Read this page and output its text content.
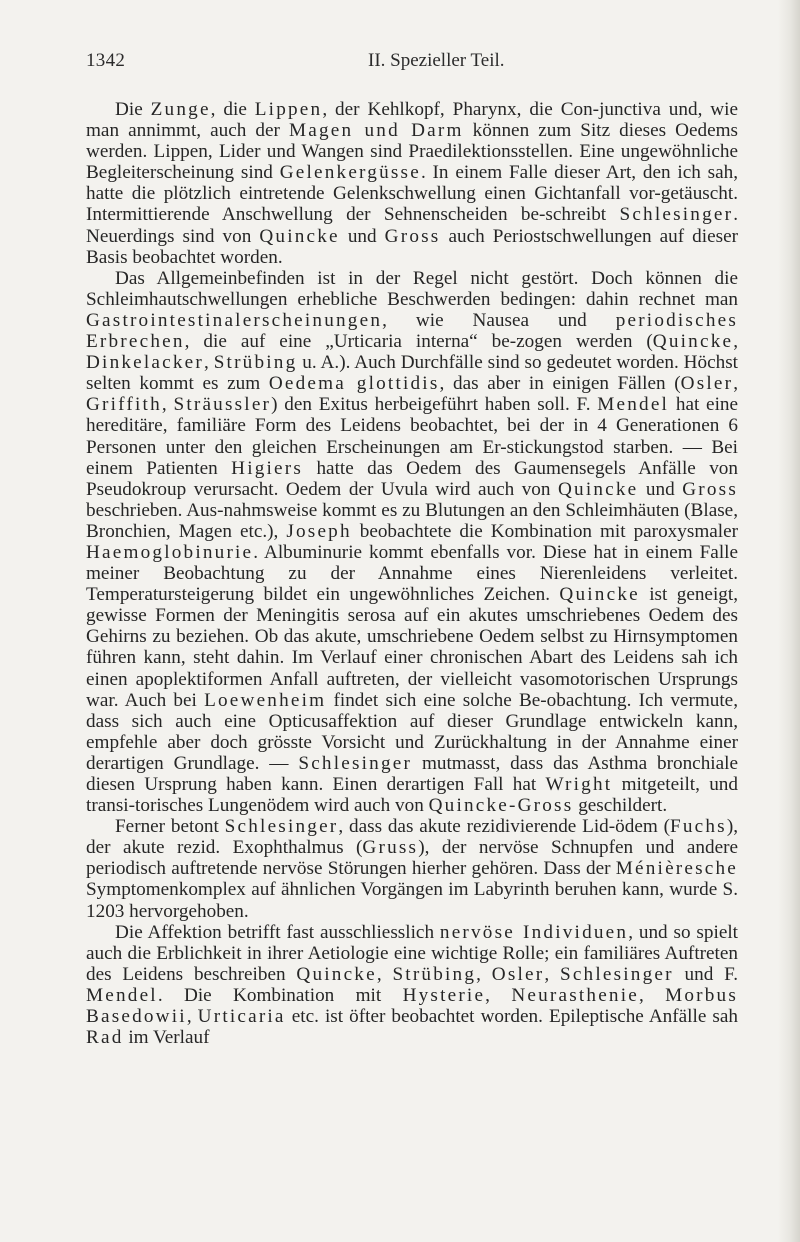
1342	II. Spezieller Teil.

Die Zunge, die Lippen, der Kehlkopf, Pharynx, die Con-junctiva und, wie man annimmt, auch der Magen und Darm können zum Sitz dieses Oedems werden. Lippen, Lider und Wangen sind Praedilektionsstellen. Eine ungewöhnliche Begleiterscheinung sind Gelenkergüsse. In einem Falle dieser Art, den ich sah, hatte die plötzlich eintretende Gelenkschwellung einen Gichtanfall vor-getäuscht. Intermittierende Anschwellung der Sehnenscheiden be-schreibt Schlesinger. Neuerdings sind von Quincke und Gross auch Periostschwellungen auf dieser Basis beobachtet worden.

Das Allgemeinbefinden ist in der Regel nicht gestört. Doch können die Schleimhautschwellungen erhebliche Beschwerden bedingen: dahin rechnet man Gastrointestinalerscheinungen, wie Nausea und periodisches Erbrechen, die auf eine „Urticaria interna“ be-zogen werden (Quincke, Dinkelacker, Strübing u. A.). Auch Durchfälle sind so gedeutet worden. Höchst selten kommt es zum Oedema glottidis, das aber in einigen Fällen (Osler, Griffith, Sträussler) den Exitus herbeigeführt haben soll. F. Mendel hat eine hereditäre, familiäre Form des Leidens beobachtet, bei der in 4 Generationen 6 Personen unter den gleichen Erscheinungen am Er-stickungstod starben. — Bei einem Patienten Higiers hatte das Oedem des Gaumensegels Anfälle von Pseudokroup verursacht. Oedem der Uvula wird auch von Quincke und Gross beschrieben. Aus-nahmsweise kommt es zu Blutungen an den Schleimhäuten (Blase, Bronchien, Magen etc.), Joseph beobachtete die Kombination mit paroxysmaler Haemoglobinurie. Albuminurie kommt ebenfalls vor. Diese hat in einem Falle meiner Beobachtung zu der Annahme eines Nierenleidens verleitet. Temperatursteigerung bildet ein ungewöhnliches Zeichen. Quincke ist geneigt, gewisse Formen der Meningitis serosa auf ein akutes umschriebenes Oedem des Gehirns zu beziehen. Ob das akute, umschriebene Oedem selbst zu Hirnsymptomen führen kann, steht dahin. Im Verlauf einer chronischen Abart des Leidens sah ich einen apoplektiformen Anfall auftreten, der vielleicht vasomotorischen Ursprungs war. Auch bei Loewenheim findet sich eine solche Be-obachtung. Ich vermute, dass sich auch eine Opticusaffektion auf dieser Grundlage entwickeln kann, empfehle aber doch grösste Vorsicht und Zurückhaltung in der Annahme einer derartigen Grundlage. — Schlesinger mutmasst, dass das Asthma bronchiale diesen Ursprung haben kann. Einen derartigen Fall hat Wright mitgeteilt, und transi-torisches Lungenödem wird auch von Quincke-Gross geschildert.

Ferner betont Schlesinger, dass das akute rezidivierende Lid-ödem (Fuchs), der akute rezid. Exophthalmus (Gruss), der nervöse Schnupfen und andere periodisch auftretende nervöse Störungen hierher gehören. Dass der Ménièresche Symptomenkomplex auf ähnlichen Vorgängen im Labyrinth beruhen kann, wurde S. 1203 hervorgehoben.

Die Affektion betrifft fast ausschliesslich nervöse Individuen, und so spielt auch die Erblichkeit in ihrer Aetiologie eine wichtige Rolle; ein familiäres Auftreten des Leidens beschreiben Quincke, Strübing, Osler, Schlesinger und F. Mendel. Die Kombination mit Hysterie, Neurasthenie, Morbus Basedowii, Urticaria etc. ist öfter beobachtet worden. Epileptische Anfälle sah Rad im Verlauf
